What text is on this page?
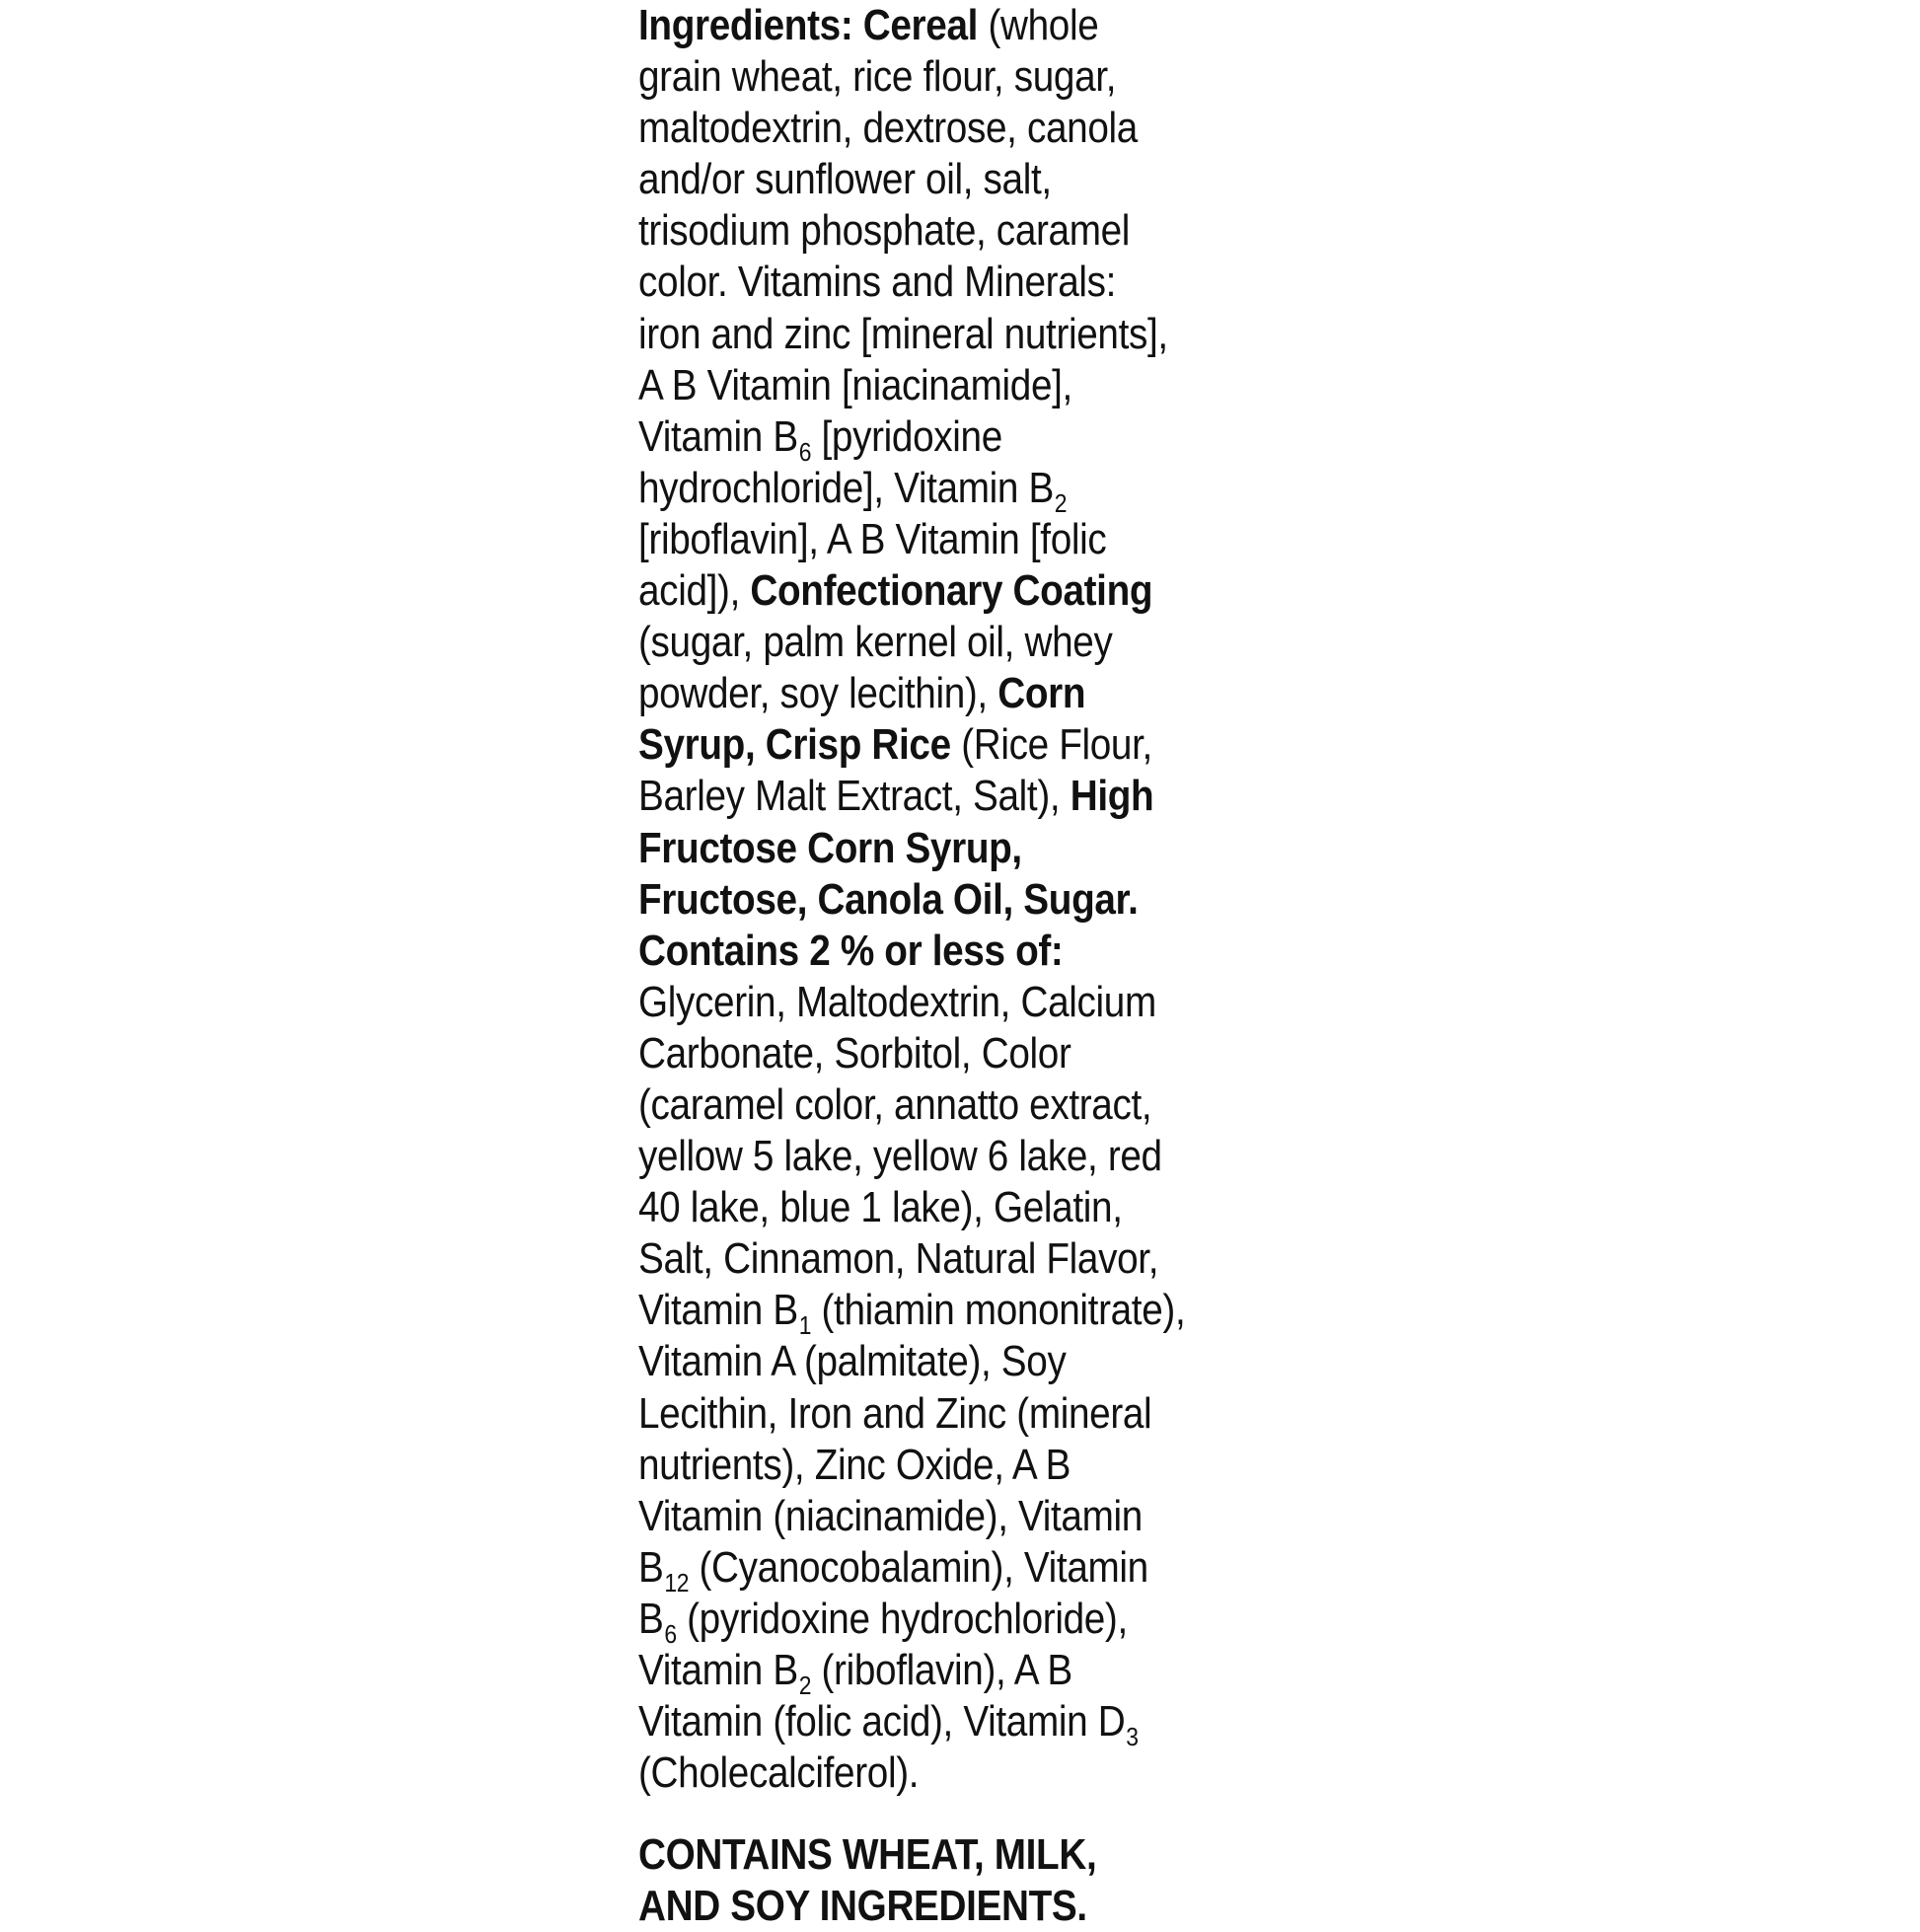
Ingredients: Cereal (whole
grain wheat, rice flour, sugar,
maltodextrin, dextrose, canola
and/or sunflower oil, salt,
trisodium phosphate, caramel
color. Vitamins and Minerals:
iron and zinc [mineral nutrients],
A B Vitamin [niacinamide],
Vitamin $B_6$ [pyridoxine
hydrochloride], Vitamin $B_2$
[riboflavin], A B Vitamin [folic
acid]), Confectionary Coating
(sugar, palm kernel oil, whey
powder, soy lecithin), Corn
Syrup, Crisp Rice (Rice Flour,
Barley Malt Extract, Salt), High
Fructose Corn Syrup,
Fructose, Canola Oil, Sugar.
Contains 2 % or less of:
Glycerin, Maltodextrin, Calcium
Carbonate, Sorbitol, Color
(caramel color, annatto extract,
yellow 5 lake, yellow 6 lake, red
40 lake, blue 1 lake), Gelatin,
Salt, Cinnamon, Natural Flavor,
Vitamin $B_1$ (thiamin mononitrate),
Vitamin A (palmitate), Soy
Lecithin, Iron and Zinc (mineral
nutrients), Zinc Oxide, A B
Vitamin (niacinamide), Vitamin
$B_{12}$ (Cyanocobalamin), Vitamin
$B_6$ (pyridoxine hydrochloride),
Vitamin $B_2$ (riboflavin), A B
Vitamin (folic acid), Vitamin $D_3$
(Cholecalciferol).
CONTAINS WHEAT, MILK,
AND SOY INGREDIENTS.
